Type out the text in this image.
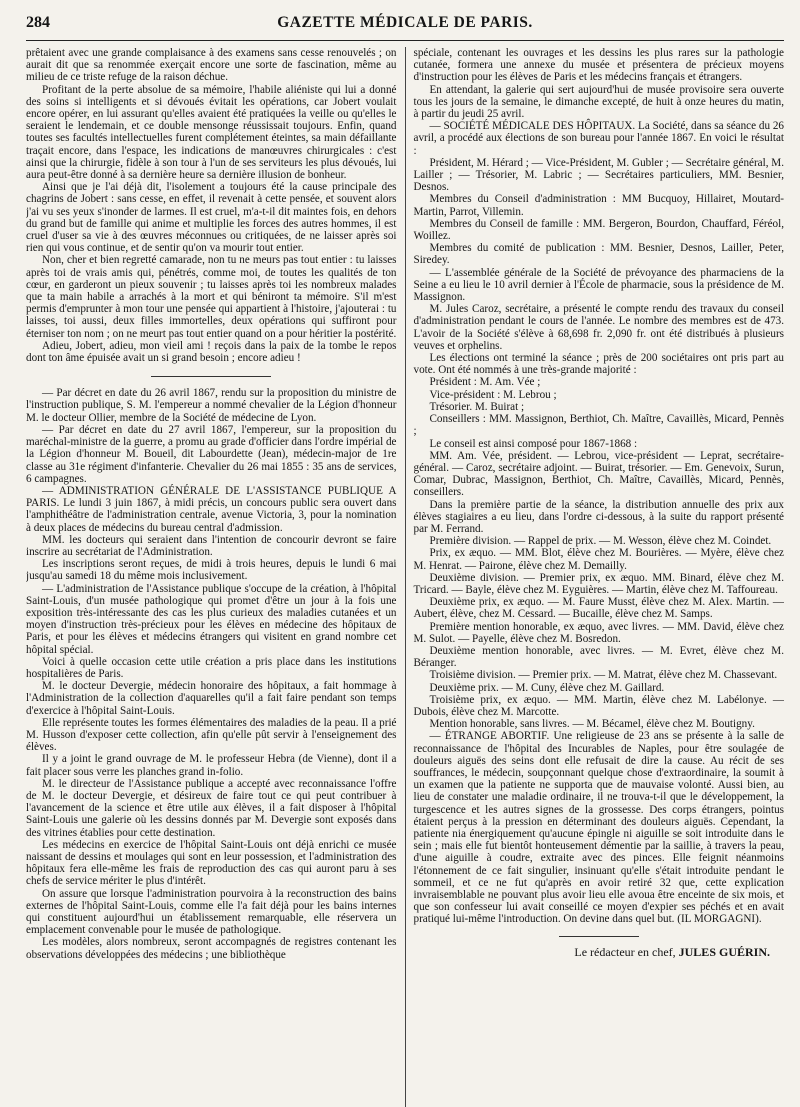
284	GAZETTE MÉDICALE DE PARIS.

prêtaient avec une grande complaisance à des examens sans cesse renouvelés ; on aurait dit que sa renommée exerçait encore une sorte de fascination, même au milieu de ce triste refuge de la raison déchue.

Profitant de la perte absolue de sa mémoire, l'habile aliéniste qui lui a donné des soins si intelligents et si dévoués évitait les opérations, car Jobert voulait encore opérer, en lui assurant qu'elles avaient été pratiquées la veille ou qu'elles le seraient le lendemain, et ce double mensonge réussissait toujours. Enfin, quand toutes ses facultés intellectuelles furent complétement éteintes, sa main défaillante traçait encore, dans l'espace, les indications de manœuvres chirurgicales : c'est ainsi que la chirurgie, fidèle à son tour à l'un de ses serviteurs les plus dévoués, lui aura peut-être donné à sa dernière heure sa dernière illusion de bonheur.

Ainsi que je l'ai déjà dit, l'isolement a toujours été la cause principale des chagrins de Jobert : sans cesse, en effet, il revenait à cette pensée, et souvent alors j'ai vu ses yeux s'inonder de larmes. Il est cruel, m'a-t-il dit maintes fois, en dehors du grand but de famille qui anime et multiplie les forces des autres hommes, il est cruel d'user sa vie à des œuvres méconnues ou critiquées, de ne laisser après soi rien qui vous continue, et de sentir qu'on va mourir tout entier.

Non, cher et bien regretté camarade, non tu ne meurs pas tout entier : tu laisses après toi de vrais amis qui, pénétrés, comme moi, de toutes les qualités de ton cœur, en garderont un pieux souvenir ; tu laisses après toi les nombreux malades que ta main habile a arrachés à la mort et qui béniront ta mémoire. S'il m'est permis d'emprunter à mon tour une pensée qui appartient à l'histoire, j'ajouterai : tu laisses, toi aussi, deux filles immortelles, deux opérations qui suffiront pour éterniser ton nom ; on ne meurt pas tout entier quand on a pour héritier la postérité.

Adieu, Jobert, adieu, mon vieil ami ! reçois dans la paix de la tombe le repos dont ton âme épuisée avait un si grand besoin ; encore adieu !

— Par décret en date du 26 avril 1867, rendu sur la proposition du ministre de l'instruction publique, S. M. l'empereur a nommé chevalier de la Légion d'honneur M. le docteur Ollier, membre de la Société de médecine de Lyon.

— Par décret en date du 27 avril 1867, l'empereur, sur la proposition du maréchal-ministre de la guerre, a promu au grade d'officier dans l'ordre impérial de la Légion d'honneur M. Boueil, dit Labourdette (Jean), médecin-major de 1re classe au 31e régiment d'infanterie. Chevalier du 26 mai 1855 : 35 ans de services, 6 campagnes.

— ADMINISTRATION GÉNÉRALE DE L'ASSISTANCE PUBLIQUE A PARIS. Le lundi 3 juin 1867, à midi précis, un concours public sera ouvert dans l'amphithéâtre de l'administration centrale, avenue Victoria, 3, pour la nomination à deux places de médecins du bureau central d'admission.

MM. les docteurs qui seraient dans l'intention de concourir devront se faire inscrire au secrétariat de l'Administration.

Les inscriptions seront reçues, de midi à trois heures, depuis le lundi 6 mai jusqu'au samedi 18 du même mois inclusivement.

— L'administration de l'Assistance publique s'occupe de la création, à l'hôpital Saint-Louis, d'un musée pathologique qui promet d'être un jour à la fois une exposition très-intéressante des cas les plus curieux des maladies cutanées et un moyen d'instruction très-précieux pour les élèves en médecine des hôpitaux de Paris, et pour les élèves et médecins étrangers qui visitent en grand nombre cet hôpital spécial.

Voici à quelle occasion cette utile création a pris place dans les institutions hospitalières de Paris.

M. le docteur Devergie, médecin honoraire des hôpitaux, a fait hommage à l'Administration de la collection d'aquarelles qu'il a fait faire pendant son temps d'exercice à l'hôpital Saint-Louis.

Elle représente toutes les formes élémentaires des maladies de la peau. Il a prié M. Husson d'exposer cette collection, afin qu'elle pût servir à l'enseignement des élèves.

Il y a joint le grand ouvrage de M. le professeur Hebra (de Vienne), dont il a fait placer sous verre les planches grand in-folio.

M. le directeur de l'Assistance publique a accepté avec reconnaissance l'offre de M. le docteur Devergie, et désireux de faire tout ce qui peut contribuer à l'avancement de la science et être utile aux élèves, il a fait disposer à l'hôpital Saint-Louis une galerie où les dessins donnés par M. Devergie sont exposés dans des vitrines établies pour cette destination.

Les médecins en exercice de l'hôpital Saint-Louis ont déjà enrichi ce musée naissant de dessins et moulages qui sont en leur possession, et l'administration des hôpitaux fera elle-même les frais de reproduction des cas qui auront paru à ses chefs de service mériter le plus d'intérêt.

On assure que lorsque l'administration pourvoira à la reconstruction des bains externes de l'hôpital Saint-Louis, comme elle l'a fait déjà pour les bains internes qui constituent aujourd'hui un établissement remarquable, elle réservera un emplacement convenable pour le musée de pathologique.

Les modèles, alors nombreux, seront accompagnés de registres contenant les observations développées des médecins ; une bibliothèque

spéciale, contenant les ouvrages et les dessins les plus rares sur la pathologie cutanée, formera une annexe du musée et présentera de précieux moyens d'instruction pour les élèves de Paris et les médecins français et étrangers.

En attendant, la galerie qui sert aujourd'hui de musée provisoire sera ouverte tous les jours de la semaine, le dimanche excepté, de huit à onze heures du matin, à partir du jeudi 25 avril.

— SOCIÉTÉ MÉDICALE DES HÔPITAUX. La Société, dans sa séance du 26 avril, a procédé aux élections de son bureau pour l'année 1867. En voici le résultat :

Président, M. Hérard ; — Vice-Président, M. Gubler ; — Secrétaire général, M. Lailler ; — Trésorier, M. Labric ; — Secrétaires particuliers, MM. Besnier, Desnos.

Membres du Conseil d'administration : MM Bucquoy, Hillairet, Moutard-Martin, Parrot, Villemin.

Membres du Conseil de famille : MM. Bergeron, Bourdon, Chauffard, Féréol, Woillez.

Membres du comité de publication : MM. Besnier, Desnos, Lailler, Peter, Siredey.

— L'assemblée générale de la Société de prévoyance des pharmaciens de la Seine a eu lieu le 10 avril dernier à l'École de pharmacie, sous la présidence de M. Massignon.

M. Jules Caroz, secrétaire, a présenté le compte rendu des travaux du conseil d'administration pendant le cours de l'année. Le nombre des membres est de 473. L'avoir de la Société s'élève à 68,698 fr. 2,090 fr. ont été distribués à plusieurs veuves et orphelins.

Les élections ont terminé la séance ; près de 200 sociétaires ont pris part au vote. Ont été nommés à une très-grande majorité :

Président : M. Am. Vée ;

Vice-président : M. Lebrou ;

Trésorier. M. Buirat ;

Conseillers : MM. Massignon, Berthiot, Ch. Maître, Cavaillès, Micard, Pennès ;

Le conseil est ainsi composé pour 1867-1868 :

MM. Am. Vée, président. — Lebrou, vice-président — Leprat, secrétaire-général. — Caroz, secrétaire adjoint. — Buirat, trésorier. — Em. Genevoix, Surun, Comar, Dubrac, Massignon, Berthiot, Ch. Maître, Cavaillès, Micard, Pennès, conseillers.

Dans la première partie de la séance, la distribution annuelle des prix aux élèves stagiaires a eu lieu, dans l'ordre ci-dessous, à la suite du rapport présenté par M. Ferrand.

Première division. — Rappel de prix. — M. Wesson, élève chez M. Coindet.

Prix, ex æquo. — MM. Blot, élève chez M. Bourières. — Myère, élève chez M. Henrat. — Pairone, élève chez M. Demailly.

Deuxième division. — Premier prix, ex æquo. MM. Binard, élève chez M. Tricard. — Bayle, élève chez M. Eyguières. — Martin, élève chez M. Taffoureau.

Deuxième prix, ex æquo. — M. Faure Musst, élève chez M. Alex. Martin. — Aubert, élève, chez M. Cessard. — Bucaille, élève chez M. Samps.

Première mention honorable, ex æquo, avec livres. — MM. David, élève chez M. Sulot. — Payelle, élève chez M. Bosredon.

Deuxième mention honorable, avec livres. — M. Evret, élève chez M. Béranger.

Troisième division. — Premier prix. — M. Matrat, élève chez M. Chassevant.

Deuxième prix. — M. Cuny, élève chez M. Gaillard.

Troisième prix, ex æquo. — MM. Martin, élève chez M. Labélonye. — Dubois, élève chez M. Marcotte.

Mention honorable, sans livres. — M. Bécamel, élève chez M. Boutigny.

— ÉTRANGE ABORTIF. Une religieuse de 23 ans se présente à la salle de reconnaissance de l'hôpital des Incurables de Naples, pour être soulagée de douleurs aiguës des seins dont elle refusait de dire la cause. Au récit de ses souffrances, le médecin, soupçonnant quelque chose d'extraordinaire, la soumit à un examen que la patiente ne supporta que de mauvaise volonté. Aussi bien, au lieu de constater une maladie ordinaire, il ne trouva-t-il que le développement, la turgescence et les autres signes de la grossesse. Des corps étrangers, pointus étaient perçus à la pression en déterminant des douleurs aiguës. Cependant, la patiente nia énergiquement qu'aucune épingle ni aiguille se soit introduite dans le sein ; mais elle fut bientôt honteusement démentie par la saillie, à travers la peau, d'une aiguille à coudre, extraite avec des pinces. Elle feignit néanmoins l'étonnement de ce fait singulier, insinuant qu'elle s'était introduite pendant le sommeil, et ce ne fut qu'après en avoir retiré 32 que, cette explication invraisemblable ne pouvant plus avoir lieu elle avoua être enceinte de six mois, et que son confesseur lui avait conseillé ce moyen d'expier ses péchés et en avait pratiqué lui-même l'introduction. On devine dans quel but. (IL MORGAGNI).

Le rédacteur en chef, JULES GUÉRIN.
